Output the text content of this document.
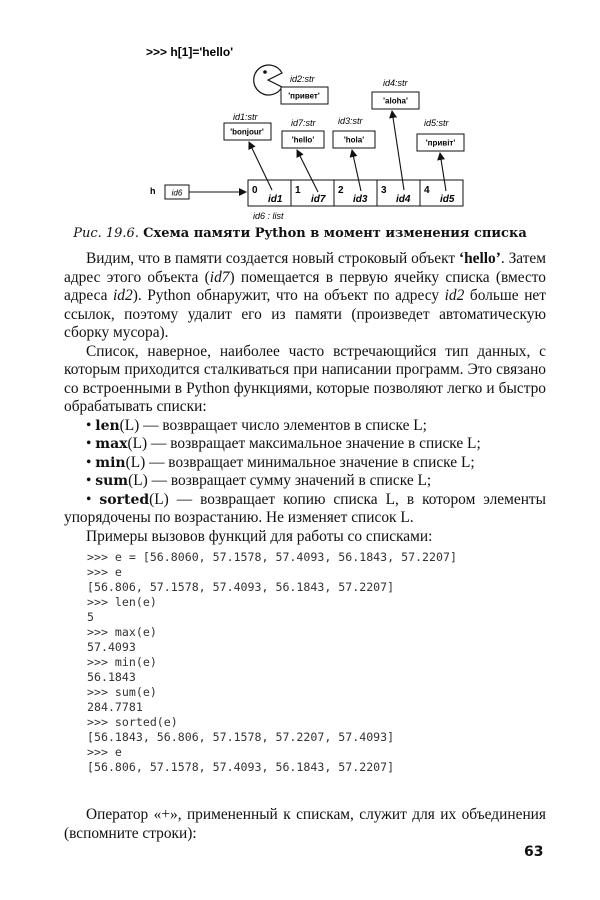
>>> h[1]='hello'
id2:str
'привет'
id1:str
'bonjour'
id7:str
'hello'
id3:str
'hola'
id4:str
'aloha'
id5:str
'привіт'
h id6	0
id1
1
id7
2
id3
3
id4
4
id5
id6 : list
Рис. 19.6. Схема памяти Python в момент изменения списка

Видим, что в памяти создается новый строковый объект ‘hello’. Затем адрес этого объекта (id7) помещается в первую ячейку списка (вместо адреса id2). Python обнаружит, что на объект по адресу id2 больше нет ссылок, поэтому удалит его из памяти (произведет автоматическую сборку мусора).

Список, наверное, наиболее часто встречающийся тип данных, с которым приходится сталкиваться при написании программ. Это связано со встроенными в Python функциями, которые позволяют легко и быстро обрабатывать списки:

• len(L) — возвращает число элементов в списке L;
• max(L) — возвращает максимальное значение в списке L;
• min(L) — возвращает минимальное значение в списке L;
• sum(L) — возвращает сумму значений в списке L;
• sorted(L) — возвращает копию списка L, в котором элементы упорядочены по возрастанию. Не изменяет список L.

Примеры вызовов функций для работы со списками:

>>> e = [56.8060, 57.1578, 57.4093, 56.1843, 57.2207]
>>> e
[56.806, 57.1578, 57.4093, 56.1843, 57.2207]
>>> len(e)
5
>>> max(e)
57.4093
>>> min(e)
56.1843
>>> sum(e)
284.7781
>>> sorted(e)
[56.1843, 56.806, 57.1578, 57.2207, 57.4093]
>>> e
[56.806, 57.1578, 57.4093, 56.1843, 57.2207]

Оператор «+», примененный к спискам, служит для их объединения (вспомните строки):

63
